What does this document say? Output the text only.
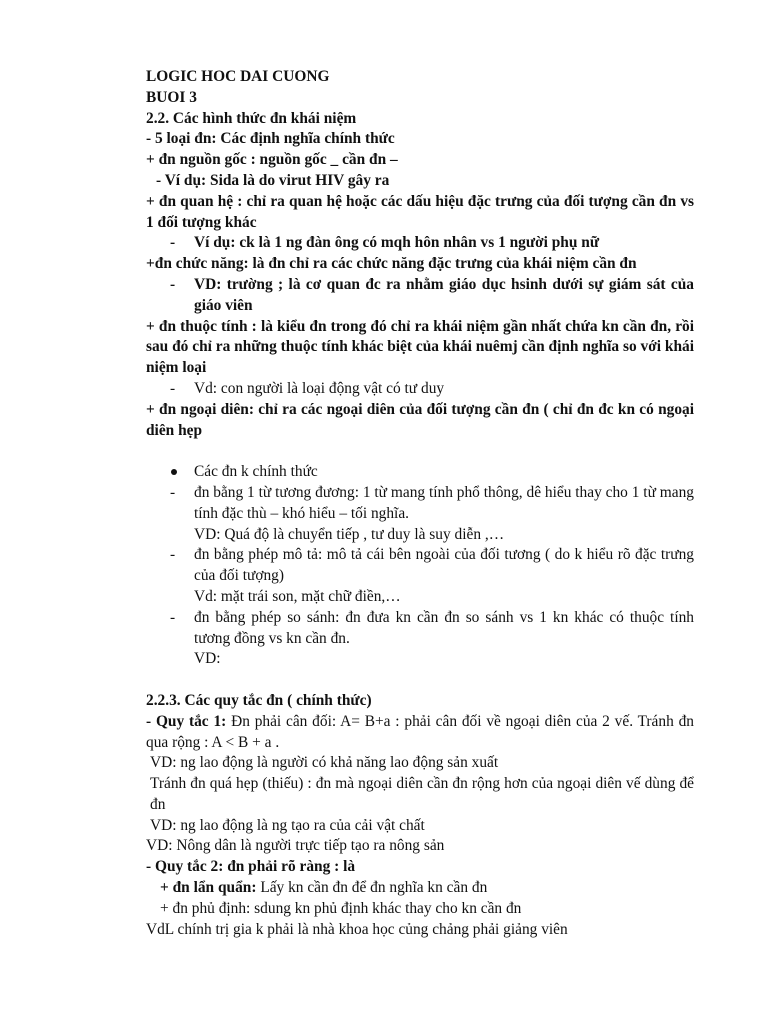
LOGIC HOC DAI CUONG

BUOI 3

2.2. Các hình thức đn khái niệm

- 5 loại đn: Các định nghĩa chính thức

+ đn nguồn gốc : nguồn gốc _ cần đn –

- Ví dụ: Sida là do virut HIV gây ra

+ đn quan hệ : chỉ ra quan hệ hoặc các dấu hiệu đặc trưng của đối tượng cần đn vs 1 đối tượng khác

- Ví dụ: ck là 1 ng đàn ông có mqh hôn nhân vs 1 người phụ nữ

+đn chức năng: là đn chỉ ra các chức năng đặc trưng của khái niệm cần đn

- VD: trường ; là cơ quan đc ra nhằm giáo dục hsinh dưới sự giám sát của giáo viên

+ đn thuộc tính : là kiểu đn trong đó chỉ ra khái niệm gần nhất chứa kn cần đn, rồi sau đó chỉ ra những thuộc tính khác biệt của khái nuêmj cần định nghĩa so với khái niệm loại

- Vd: con người là loại động vật có tư duy

+ đn ngoại diên: chỉ ra các ngoại diên của đối tượng cần đn ( chỉ đn đc kn có ngoại diên hẹp

Các đn k chính thức
- đn bằng 1 từ tương đương: 1 từ mang tính phổ thông, dê hiểu thay cho 1 từ mang tính đặc thù – khó hiểu – tối nghĩa.

VD: Quá độ là chuyển tiếp , tư duy là suy diễn ,…

- đn bằng phép mô tả: mô tả cái bên ngoài của đối tương ( do k hiểu rõ đặc trưng của đối tượng)

Vd: mặt trái son, mặt chữ điền,…

- đn bằng phép so sánh: đn đưa kn cần đn so sánh vs 1 kn khác có thuộc tính tương đồng vs kn cần đn.

VD:

2.2.3. Các quy tắc đn ( chính thức)

- Quy tắc 1: Đn phải cân đối: A= B+a : phải cân đối về ngoại diên của 2 vế. Tránh đn qua rộng : A < B + a .

VD: ng lao động là người có khả năng lao động sản xuất

Tránh đn quá hẹp (thiếu) : đn mà ngoại diên cần đn rộng hơn của ngoại diên vế dùng để đn

VD: ng lao động là ng tạo ra của cải vật chất

VD: Nông dân là người trực tiếp tạo ra nông sản

- Quy tắc 2: đn phải rõ ràng : là

+ đn lẩn quẩn: Lấy kn cần đn để đn nghĩa kn cần đn

+ đn phủ định: sdung kn phủ định khác thay cho kn cần đn

VdL chính trị gia k phải là nhà khoa học củng chảng phải giảng viên
